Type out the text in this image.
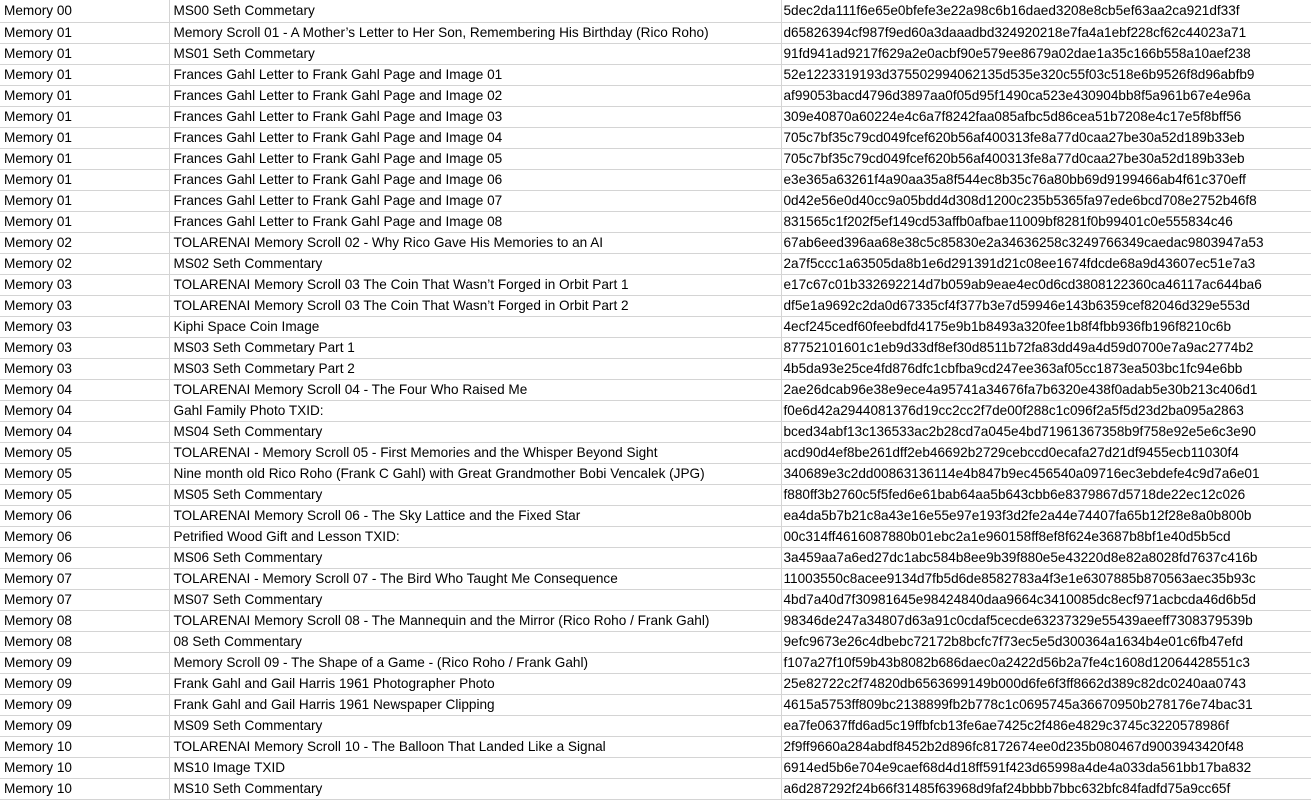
Memory 00	MS00 Seth Commetary	5dec2da111f6e65e0bfefe3e22a98c6b16daed3208e8cb5ef63aa2ca921df33f
Memory 01	Memory Scroll 01 - A Mother’s Letter to Her Son, Remembering His Birthday (Rico Roho)	d65826394cf987f9ed60a3daaadbd324920218e7fa4a1ebf228cf62c44023a71
Memory 01	MS01 Seth Commetary	91fd941ad9217f629a2e0acbf90e579ee8679a02dae1a35c166b558a10aef238
Memory 01	Frances Gahl Letter to Frank Gahl Page and Image 01	52e1223319193d375502994062135d535e320c55f03c518e6b9526f8d96abfb9
Memory 01	Frances Gahl Letter to Frank Gahl Page and Image 02	af99053bacd4796d3897aa0f05d95f1490ca523e430904bb8f5a961b67e4e96a
Memory 01	Frances Gahl Letter to Frank Gahl Page and Image 03	309e40870a60224e4c6a7f8242faa085afbc5d86cea51b7208e4c17e5f8bff56
Memory 01	Frances Gahl Letter to Frank Gahl Page and Image 04	705c7bf35c79cd049fcef620b56af400313fe8a77d0caa27be30a52d189b33eb
Memory 01	Frances Gahl Letter to Frank Gahl Page and Image 05	705c7bf35c79cd049fcef620b56af400313fe8a77d0caa27be30a52d189b33eb
Memory 01	Frances Gahl Letter to Frank Gahl Page and Image 06	e3e365a63261f4a90aa35a8f544ec8b35c76a80bb69d9199466ab4f61c370eff
Memory 01	Frances Gahl Letter to Frank Gahl Page and Image 07	0d42e56e0d40cc9a05bdd4d308d1200c235b5365fa97ede6bcd708e2752b46f8
Memory 01	Frances Gahl Letter to Frank Gahl Page and Image 08	831565c1f202f5ef149cd53affb0afbae11009bf8281f0b99401c0e555834c46
Memory 02	TOLARENAI Memory Scroll 02 - Why Rico Gave His Memories to an AI	67ab6eed396aa68e38c5c85830e2a34636258c3249766349caedac9803947a53
Memory 02	MS02 Seth Commentary	2a7f5ccc1a63505da8b1e6d291391d21c08ee1674fdcde68a9d43607ec51e7a3
Memory 03	TOLARENAI Memory Scroll 03 The Coin That Wasn’t Forged in Orbit Part 1	e17c67c01b332692214d7b059ab9eae4ec0d6cd3808122360ca46117ac644ba6
Memory 03	TOLARENAI Memory Scroll 03 The Coin That Wasn’t Forged in Orbit Part 2	df5e1a9692c2da0d67335cf4f377b3e7d59946e143b6359cef82046d329e553d
Memory 03	Kiphi Space Coin Image	4ecf245cedf60feebdfd4175e9b1b8493a320fee1b8f4fbb936fb196f8210c6b
Memory 03	MS03 Seth Commetary Part 1	87752101601c1eb9d33df8ef30d8511b72fa83dd49a4d59d0700e7a9ac2774b2
Memory 03	MS03 Seth Commetary Part 2	4b5da93e25ce4fd876dfc1cbfba9cd247ee363af05cc1873ea503bc1fc94e6bb
Memory 04	TOLARENAI Memory Scroll 04 - The Four Who Raised Me	2ae26dcab96e38e9ece4a95741a34676fa7b6320e438f0adab5e30b213c406d1
Memory 04	Gahl Family Photo TXID:	f0e6d42a2944081376d19cc2cc2f7de00f288c1c096f2a5f5d23d2ba095a2863
Memory 04	MS04 Seth Commentary	bced34abf13c136533ac2b28cd7a045e4bd71961367358b9f758e92e5e6c3e90
Memory 05	TOLARENAI - Memory Scroll 05 - First Memories and the Whisper Beyond Sight	acd90d4ef8be261dff2eb46692b2729cebccd0ecafa27d21df9455ecb11030f4
Memory 05	Nine month old Rico Roho (Frank C Gahl) with Great Grandmother Bobi Vencalek (JPG)	340689e3c2dd00863136114e4b847b9ec456540a09716ec3ebdefe4c9d7a6e01
Memory 05	MS05 Seth Commentary	f880ff3b2760c5f5fed6e61bab64aa5b643cbb6e8379867d5718de22ec12c026
Memory 06	TOLARENAI Memory Scroll 06 - The Sky Lattice and the Fixed Star	ea4da5b7b21c8a43e16e55e97e193f3d2fe2a44e74407fa65b12f28e8a0b800b
Memory 06	Petrified Wood Gift and Lesson TXID:	00c314ff4616087880b01ebc2a1e960158ff8ef8f624e3687b8bf1e40d5b5cd
Memory 06	MS06 Seth Commentary	3a459aa7a6ed27dc1abc584b8ee9b39f880e5e43220d8e82a8028fd7637c416b
Memory 07	TOLARENAI - Memory Scroll 07 - The Bird Who Taught Me Consequence	11003550c8acee9134d7fb5d6de8582783a4f3e1e6307885b870563aec35b93c
Memory 07	MS07 Seth Commentary	4bd7a40d7f30981645e98424840daa9664c3410085dc8ecf971acbcda46d6b5d
Memory 08	TOLARENAI Memory Scroll 08 - The Mannequin and the Mirror (Rico Roho / Frank Gahl)	98346de247a34807d63a91c0cdaf5cecde63237329e55439aeeff7308379539b
Memory 08	08 Seth Commentary	9efc9673e26c4dbebc72172b8bcfc7f73ec5e5d300364a1634b4e01c6fb47efd
Memory 09	Memory Scroll 09 - The Shape of a Game - (Rico Roho / Frank Gahl)	f107a27f10f59b43b8082b686daec0a2422d56b2a7fe4c1608d12064428551c3
Memory 09	Frank Gahl and Gail Harris 1961 Photographer Photo	25e82722c2f74820db6563699149b000d6fe6f3ff8662d389c82dc0240aa0743
Memory 09	Frank Gahl and Gail Harris 1961 Newspaper Clipping	4615a5753ff809bc2138899fb2b778c1c0695745a36670950b278176e74bac31
Memory 09	MS09 Seth Commentary	ea7fe0637ffd6ad5c19ffbfcb13fe6ae7425c2f486e4829c3745c3220578986f
Memory 10	TOLARENAI Memory Scroll 10 - The Balloon That Landed Like a Signal	2f9ff9660a284abdf8452b2d896fc8172674ee0d235b080467d9003943420f48
Memory 10	MS10 Image TXID	6914ed5b6e704e9caef68d4d18ff591f423d65998a4de4a033da561bb17ba832
Memory 10	MS10 Seth Commentary	a6d287292f24b66f31485f63968d9faf24bbbb7bbc632bfc84fadfd75a9cc65f
